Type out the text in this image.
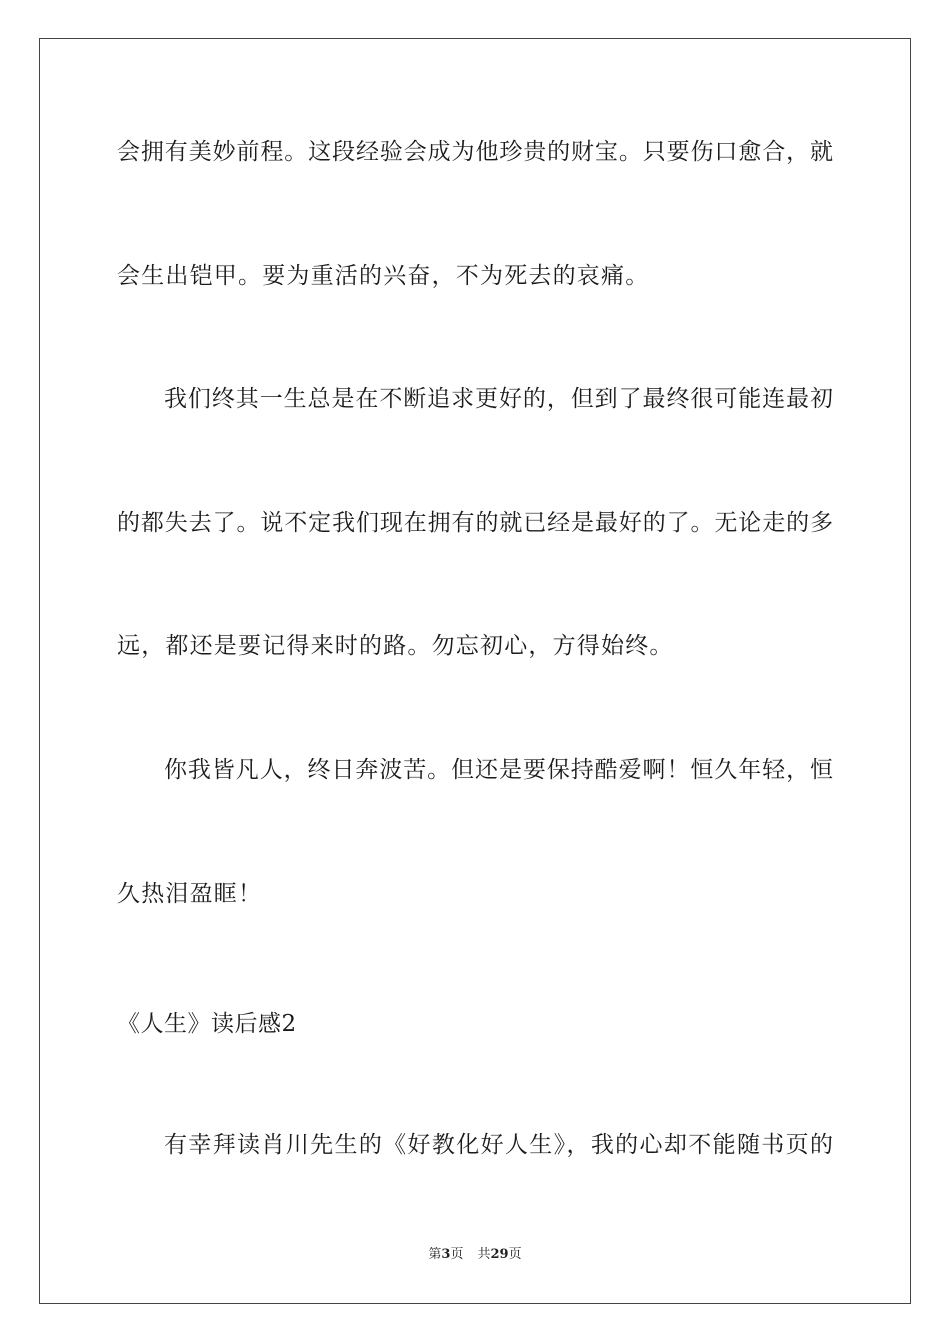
会拥有美妙前程。这段经验会成为他珍贵的财宝。只要伤口愈合，就
会生出铠甲。要为重活的兴奋，不为死去的哀痛。
我们终其一生总是在不断追求更好的，但到了最终很可能连最初
的都失去了。说不定我们现在拥有的就已经是最好的了。无论走的多
远，都还是要记得来时的路。勿忘初心，方得始终。
你我皆凡人，终日奔波苦。但还是要保持酷爱啊！恒久年轻，恒
久热泪盈眶！
《人生》读后感2
有幸拜读肖川先生的《好教化好人生》，我的心却不能随书页的
第3页 共29页
